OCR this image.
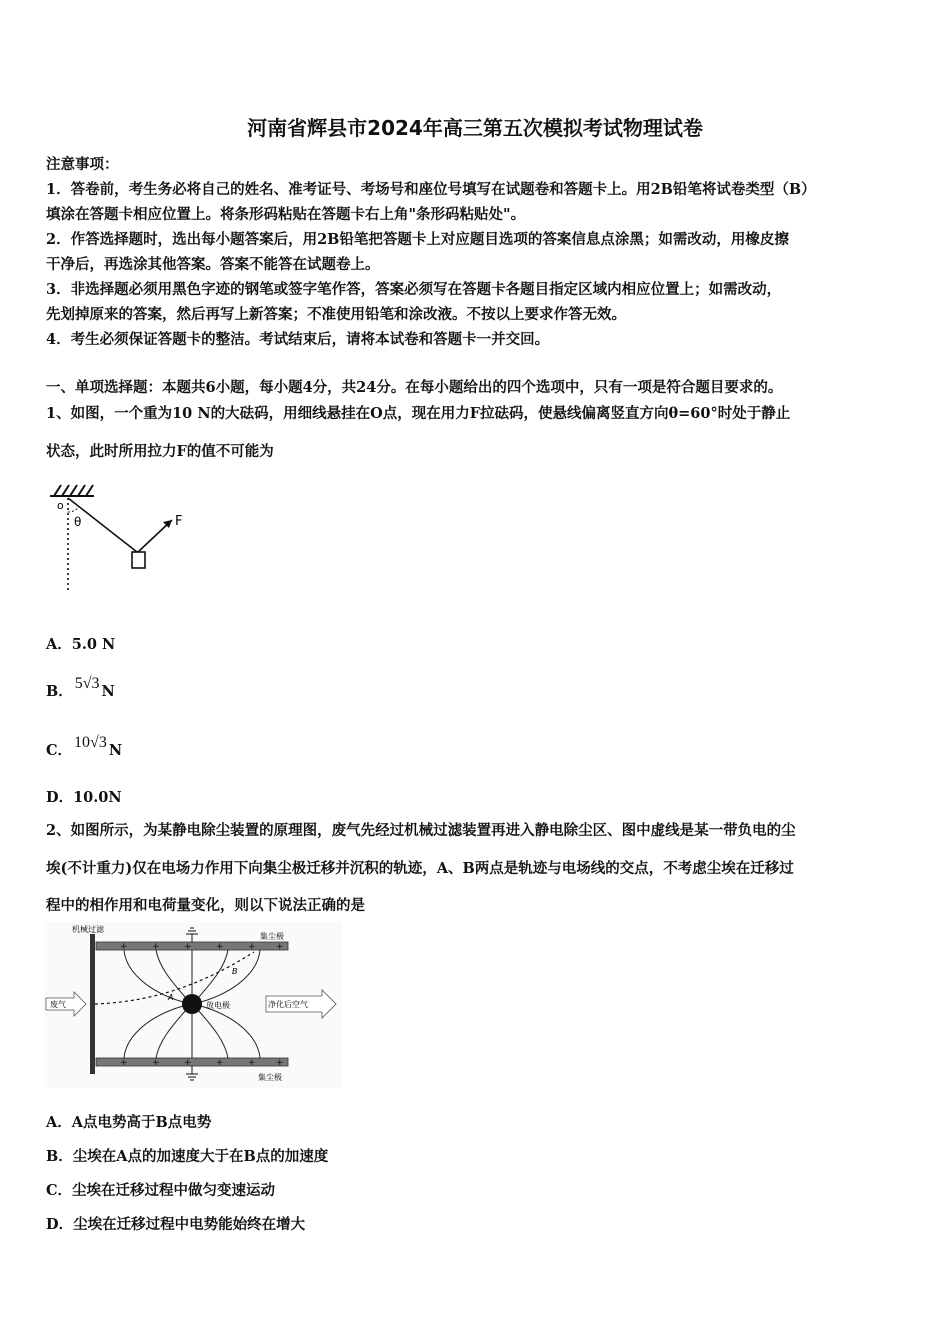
河南省辉县市2024年高三第五次模拟考试物理试卷
注意事项：
1．答卷前，考生务必将自己的姓名、准考证号、考场号和座位号填写在试题卷和答题卡上。用2B铅笔将试卷类型（B）
填涂在答题卡相应位置上。将条形码粘贴在答题卡右上角"条形码粘贴处"。
2．作答选择题时，选出每小题答案后，用2B铅笔把答题卡上对应题目选项的答案信息点涂黑；如需改动，用橡皮擦
干净后，再选涂其他答案。答案不能答在试题卷上。
3．非选择题必须用黑色字迹的钢笔或签字笔作答，答案必须写在答题卡各题目指定区域内相应位置上；如需改动，
先划掉原来的答案，然后再写上新答案；不准使用铅笔和涂改液。不按以上要求作答无效。
4．考生必须保证答题卡的整洁。考试结束后，请将本试卷和答题卡一并交回。
一、单项选择题：本题共6小题，每小题4分，共24分。在每小题给出的四个选项中，只有一项是符合题目要求的。
1、如图，一个重为10 N的大砝码，用细线悬挂在O点，现在用力F拉砝码，使悬线偏离竖直方向θ=60°时处于静止
状态，此时所用拉力F的值不可能为
o
θ	F
A．5.0 N
B． 5√3 N
C． 10√3 N
D．10.0N
2、如图所示，为某静电除尘装置的原理图，废气先经过机械过滤装置再进入静电除尘区、图中虚线是某一带负电的尘
埃(不计重力)仅在电场力作用下向集尘极迁移并沉积的轨迹，A、B两点是轨迹与电场线的交点，不考虑尘埃在迁移过
程中的相作用和电荷量变化，则以下说法正确的是
+	+	+	+	+ +
+	+	+	+	+ +
机械过滤
集尘极
集尘极
废气	净化后空气
放电极
A
B
A．A点电势高于B点电势
B．尘埃在A点的加速度大于在B点的加速度
C．尘埃在迁移过程中做匀变速运动
D．尘埃在迁移过程中电势能始终在增大
